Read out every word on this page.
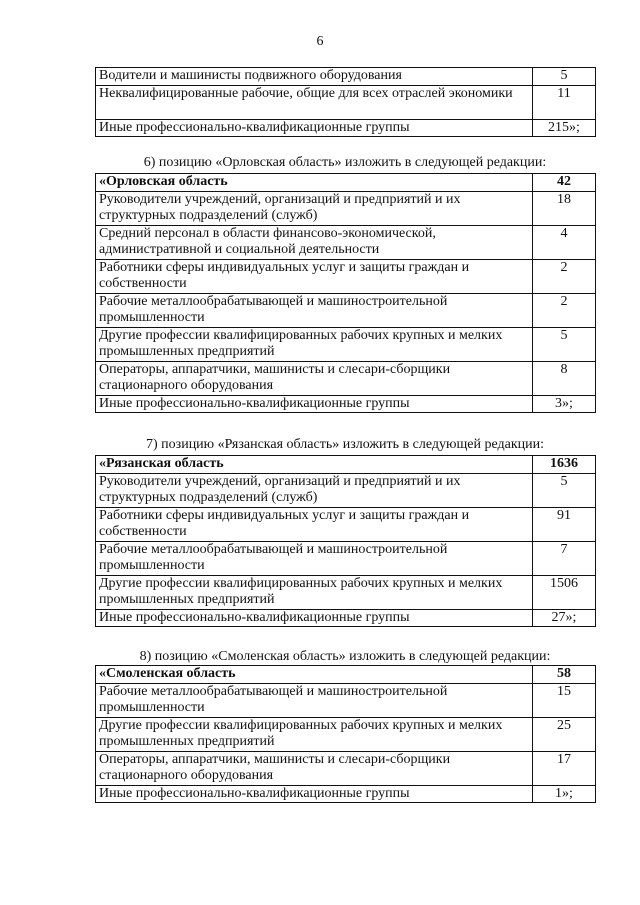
6
Водители и машинисты подвижного оборудования	5
Неквалифицированные рабочие, общие для всех отраслей экономики	11
Иные профессионально-квалификационные группы	215»;
6) позицию «Орловская область» изложить в следующей редакции:
«Орловская область	42
Руководители учреждений, организаций и предприятий и их структурных подразделений (служб)	18
Средний персонал в области финансово-экономической, административной и социальной деятельности	4
Работники сферы индивидуальных услуг и защиты граждан и собственности	2
Рабочие металлообрабатывающей и машиностроительной промышленности	2
Другие профессии квалифицированных рабочих крупных и мелких промышленных предприятий	5
Операторы, аппаратчики, машинисты и слесари-сборщики стационарного оборудования	8
Иные профессионально-квалификационные группы	3»;
7) позицию «Рязанская область» изложить в следующей редакции:
«Рязанская область	1636
Руководители учреждений, организаций и предприятий и их структурных подразделений (служб)	5
Работники сферы индивидуальных услуг и защиты граждан и собственности	91
Рабочие металлообрабатывающей и машиностроительной промышленности	7
Другие профессии квалифицированных рабочих крупных и мелких промышленных предприятий	1506
Иные профессионально-квалификационные группы	27»;
8) позицию «Смоленская область» изложить в следующей редакции:
«Смоленская область	58
Рабочие металлообрабатывающей и машиностроительной промышленности	15
Другие профессии квалифицированных рабочих крупных и мелких промышленных предприятий	25
Операторы, аппаратчики, машинисты и слесари-сборщики стационарного оборудования	17
Иные профессионально-квалификационные группы	1»;
